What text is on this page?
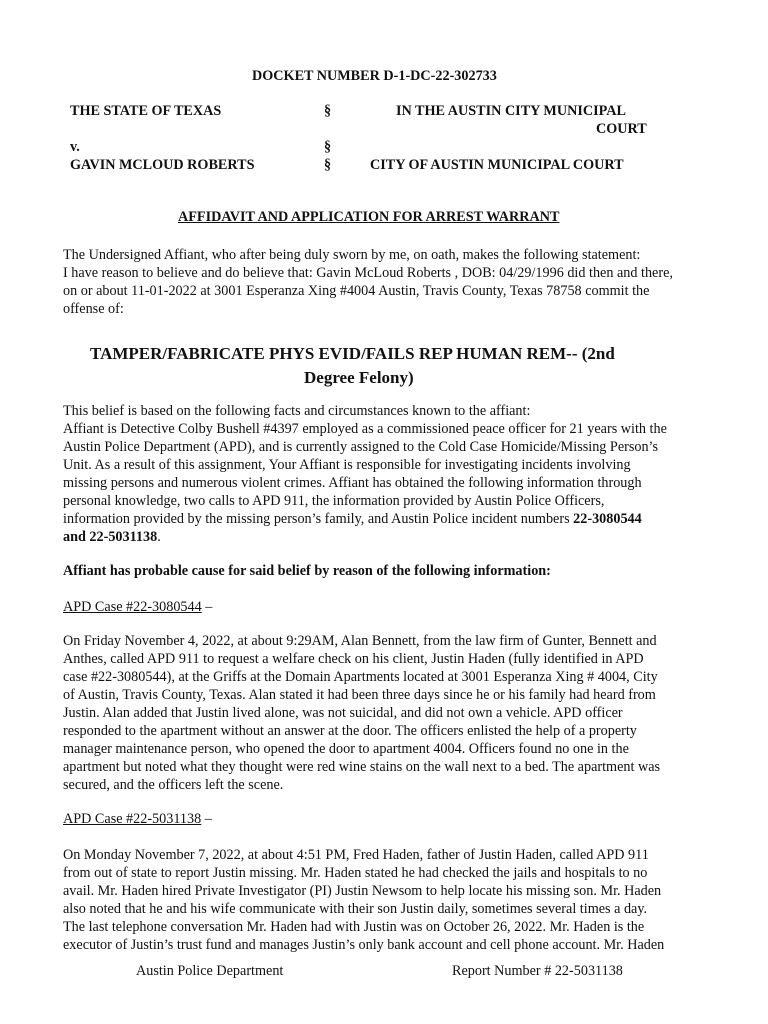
DOCKET NUMBER D-1-DC-22-302733
THE STATE OF TEXAS	§	IN THE AUSTIN CITY MUNICIPAL
COURT
v.	§
GAVIN MCLOUD ROBERTS	§	CITY OF AUSTIN MUNICIPAL COURT
AFFIDAVIT AND APPLICATION FOR ARREST WARRANT

The Undersigned Affiant, who after being duly sworn by me, on oath, makes the following statement:

I have reason to believe and do believe that: Gavin McLoud Roberts , DOB: 04/29/1996 did then and there,

on or about 11-01-2022 at 3001 Esperanza Xing #4004 Austin, Travis County, Texas 78758 commit the

offense of:

TAMPER/FABRICATE PHYS EVID/FAILS REP HUMAN REM-- (2nd
Degree Felony)

This belief is based on the following facts and circumstances known to the affiant:

Affiant is Detective Colby Bushell #4397 employed as a commissioned peace officer for 21 years with the

Austin Police Department (APD), and is currently assigned to the Cold Case Homicide/Missing Person’s

Unit. As a result of this assignment, Your Affiant is responsible for investigating incidents involving

missing persons and numerous violent crimes. Affiant has obtained the following information through

personal knowledge, two calls to APD 911, the information provided by Austin Police Officers,

information provided by the missing person’s family, and Austin Police incident numbers 22-3080544

and 22-5031138.

Affiant has probable cause for said belief by reason of the following information:
APD Case #22-3080544 –

On Friday November 4, 2022, at about 9:29AM, Alan Bennett, from the law firm of Gunter, Bennett and

Anthes, called APD 911 to request a welfare check on his client, Justin Haden (fully identified in APD

case #22-3080544), at the Griffs at the Domain Apartments located at 3001 Esperanza Xing # 4004, City

of Austin, Travis County, Texas. Alan stated it had been three days since he or his family had heard from

Justin. Alan added that Justin lived alone, was not suicidal, and did not own a vehicle. APD officer

responded to the apartment without an answer at the door. The officers enlisted the help of a property

manager maintenance person, who opened the door to apartment 4004. Officers found no one in the

apartment but noted what they thought were red wine stains on the wall next to a bed. The apartment was

secured, and the officers left the scene.

APD Case #22-5031138 –

On Monday November 7, 2022, at about 4:51 PM, Fred Haden, father of Justin Haden, called APD 911

from out of state to report Justin missing. Mr. Haden stated he had checked the jails and hospitals to no

avail. Mr. Haden hired Private Investigator (PI) Justin Newsom to help locate his missing son. Mr. Haden

also noted that he and his wife communicate with their son Justin daily, sometimes several times a day.

The last telephone conversation Mr. Haden had with Justin was on October 26, 2022. Mr. Haden is the

executor of Justin’s trust fund and manages Justin’s only bank account and cell phone account. Mr. Haden

Austin Police Department	Report Number # 22-5031138
